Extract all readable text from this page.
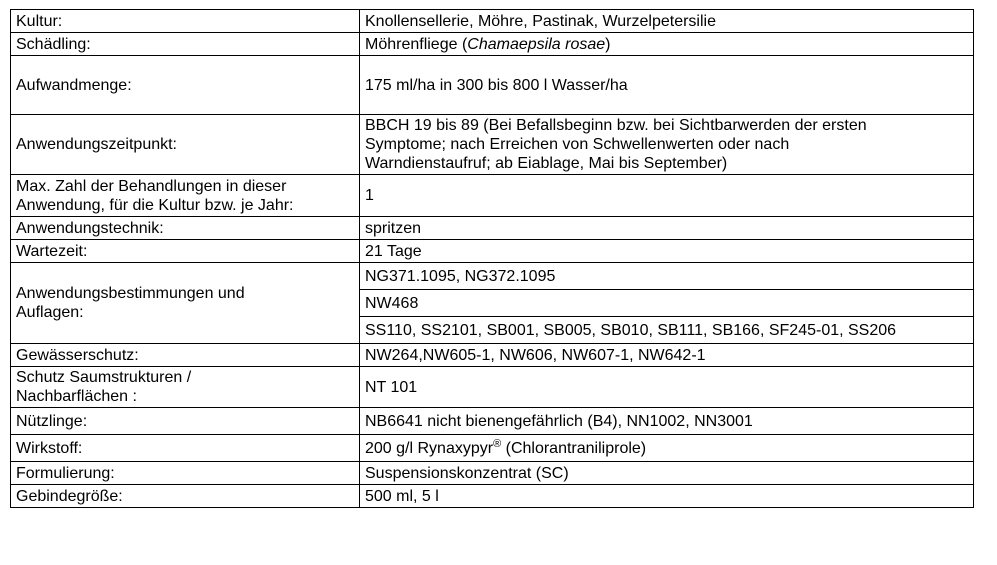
Kultur:	Knollensellerie, Möhre, Pastinak, Wurzelpetersilie
Schädling:	Möhrenfliege (Chamaepsila rosae)
Aufwandmenge:	175 ml/ha in 300 bis 800 l Wasser/ha
Anwendungszeitpunkt:	BBCH 19 bis 89 (Bei Befallsbeginn bzw. bei Sichtbarwerden der ersten
Symptome; nach Erreichen von Schwellenwerten oder nach
Warndienstaufruf; ab Eiablage, Mai bis September)

Max. Zahl der Behandlungen in dieser
Anwendung, für die Kultur bzw. je Jahr:	1
Anwendungstechnik:	spritzen
Wartezeit:	21 Tage

Anwendungsbestimmungen und
Auflagen:	NG371.1095, NG372.1095
	NW468
	SS110, SS2101, SB001, SB005, SB010, SB111, SB166, SF245-01, SS206
Gewässerschutz:	NW264,NW605-1, NW606, NW607-1, NW642-1

Schutz Saumstrukturen /
Nachbarflächen :	NT 101
Nützlinge:	NB6641 nicht bienengefährlich (B4), NN1002, NN3001
Wirkstoff:	200 g/l Rynaxypyr® (Chlorantraniliprole)
Formulierung:	Suspensionskonzentrat (SC)
Gebindegröße:	500 ml, 5 l
